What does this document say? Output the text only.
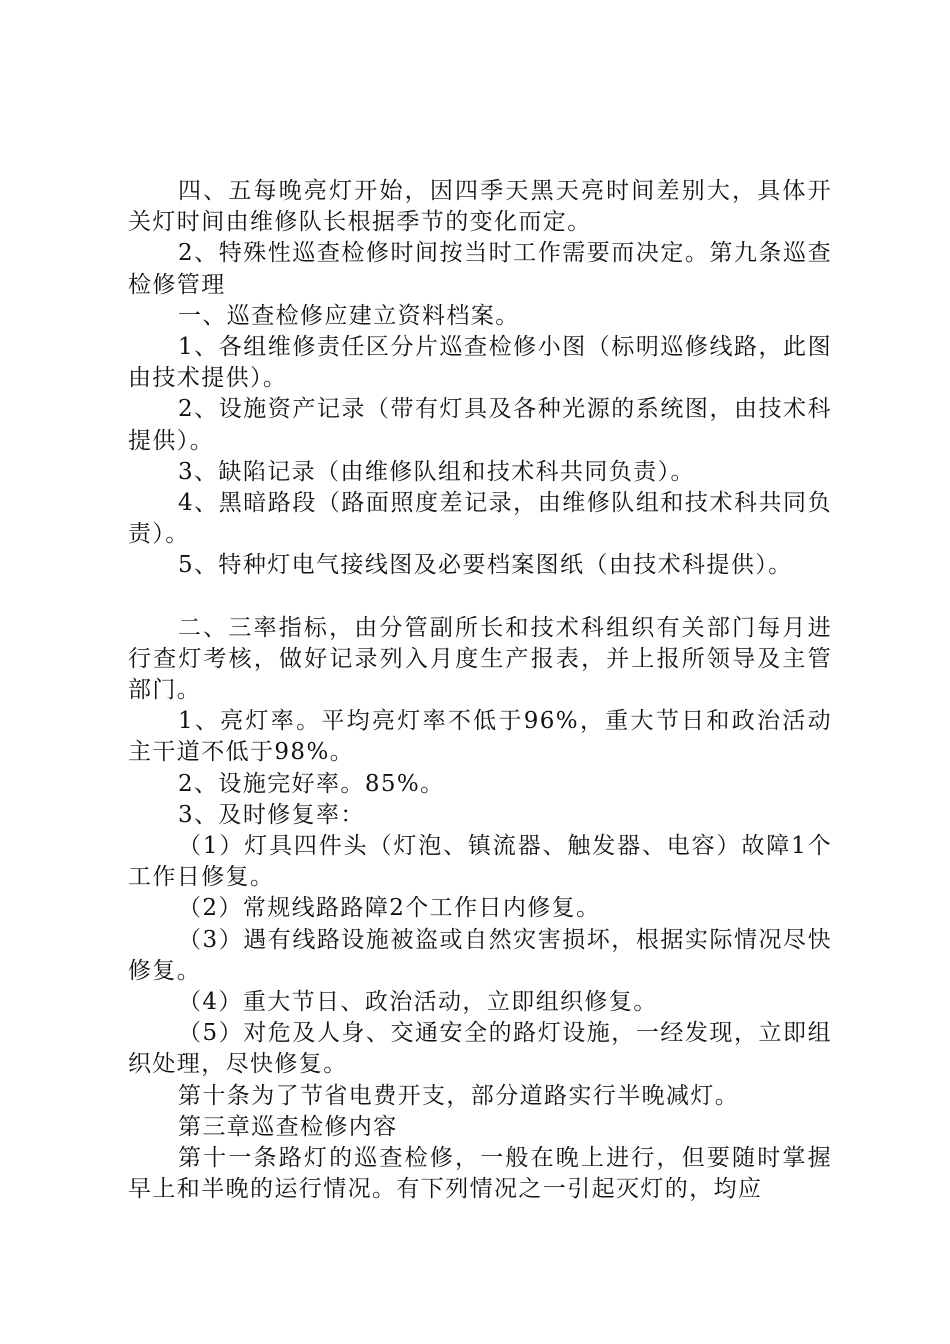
四、五每晚亮灯开始，因四季天黑天亮时间差别大，具体开关灯时间由维修队长根据季节的变化而定。

2、特殊性巡查检修时间按当时工作需要而决定。第九条巡查检修管理

一、巡查检修应建立资料档案。

1、各组维修责任区分片巡查检修小图（标明巡修线路，此图由技术提供）。

2、设施资产记录（带有灯具及各种光源的系统图，由技术科提供）。

3、缺陷记录（由维修队组和技术科共同负责）。

4、黑暗路段（路面照度差记录，由维修队组和技术科共同负责）。

5、特种灯电气接线图及必要档案图纸（由技术科提供）。

二、三率指标，由分管副所长和技术科组织有关部门每月进行查灯考核，做好记录列入月度生产报表，并上报所领导及主管部门。

1、亮灯率。平均亮灯率不低于96%，重大节日和政治活动主干道不低于98%。

2、设施完好率。85%。

3、及时修复率：

（1）灯具四件头（灯泡、镇流器、触发器、电容）故障1个工作日修复。

（2）常规线路路障2个工作日内修复。

（3）遇有线路设施被盗或自然灾害损坏，根据实际情况尽快修复。

（4）重大节日、政治活动，立即组织修复。

（5）对危及人身、交通安全的路灯设施，一经发现，立即组织处理，尽快修复。

第十条为了节省电费开支，部分道路实行半晚减灯。

第三章巡查检修内容

第十一条路灯的巡查检修，一般在晚上进行，但要随时掌握早上和半晚的运行情况。有下列情况之一引起灭灯的，均应
